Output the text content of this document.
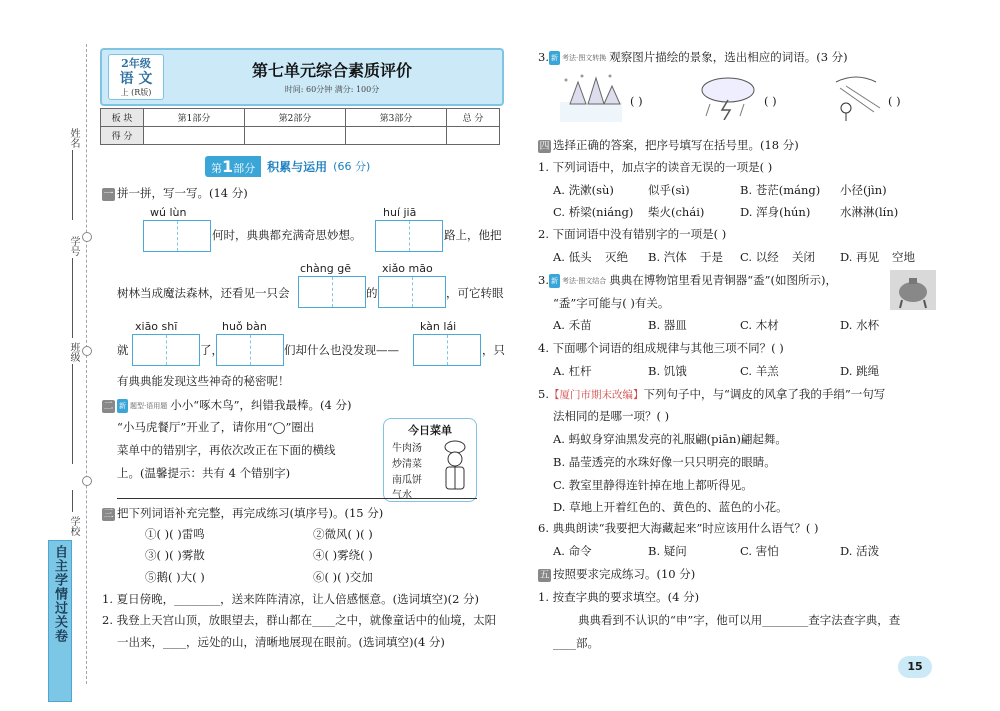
姓名
学号
班级
学校
自主学情过关卷
2年级
语 文
上 (R版)
第七单元综合素质评价
时间: 60分钟 满分: 100分
板 块	第1部分	第2部分	第3部分	总 分
得 分				
第1部分	积累与运用 (66 分)
一 拼一拼，写一写。(14 分)
wú lùn
何时，典典都充满奇思妙想。
huí jiā
路上，他把
chàng gē
树林当成魔法森林，还看见一只会	的
xiǎo māo
，可它转眼
xiāo shī
就	了，
huǒ bàn
们却什么也没发现——
kàn lái
，只
有典典能发现这些神奇的秘密呢！
二 新 题型·语用题 小小“啄木鸟”，纠错我最棒。(4 分)
“小马虎餐厅”开业了，请你用“◯”圈出
菜单中的错别字，再依次改正在下面的横线
上。(温馨提示：共有 4 个错别字)
今日菜单
牛肉汤
炒清菜
南瓜饼
气水
三 把下列词语补充完整，再完成练习(填序号)。(15 分)
①( )( )雷鸣	②微风( )( )
③( )( )雾散	④( )雾绕( )
⑤鹅( )大( )	⑥( )( )交加
1. 夏日傍晚，________，送来阵阵清凉，让人倍感惬意。(选词填空)(2 分)
2. 我登上天宫山顶，放眼望去，群山都在____之中，就像童话中的仙境，太阳
一出来，____，远处的山，清晰地展现在眼前。(选词填空)(4 分)
3. 新 考法·图文转换 观察图片描绘的景象，选出相应的词语。(3 分)
( )	( )	( )
四 选择正确的答案，把序号填写在括号里。(18 分)
1. 下列词语中，加点字的读音无误的一项是( )
A. 洗漱(sù)	似乎(sì)	B. 苍茫(máng) 小径(jìn)
C. 桥梁(niáng) 柴火(chái)	D. 浑身(hún)	水淋淋(lín)
2. 下面词语中没有错别字的一项是( )
A. 低头 灭绝 B. 汽体 于是 C. 以经 关闭 D. 再见 空地
3. 新 考法·图文结合 典典在博物馆里看见青铜器“盉”(如图所示)，
“盉”字可能与( )有关。
A. 禾苗	B. 器皿	C. 木材	D. 水杯
4. 下面哪个词语的组成规律与其他三项不同？( )
A. 杠杆	B. 饥饿	C. 羊羔	D. 跳绳
5.【厦门市期末改编】下列句子中，与“调皮的风拿了我的手绢”一句写
法相同的是哪一项？( )
A. 蚂蚁身穿油黑发亮的礼服翩(piān)翩起舞。
B. 晶莹透亮的水珠好像一只只明亮的眼睛。
C. 教室里静得连针掉在地上都听得见。
D. 草地上开着红色的、黄色的、蓝色的小花。
6. 典典朗读“我要把大海藏起来”时应该用什么语气？( )
A. 命令	B. 疑问	C. 害怕	D. 活泼
五 按照要求完成练习。(10 分)
1. 按查字典的要求填空。(4 分)
典典看到不认识的“申”字，他可以用________查字法查字典，查
____部。
15
